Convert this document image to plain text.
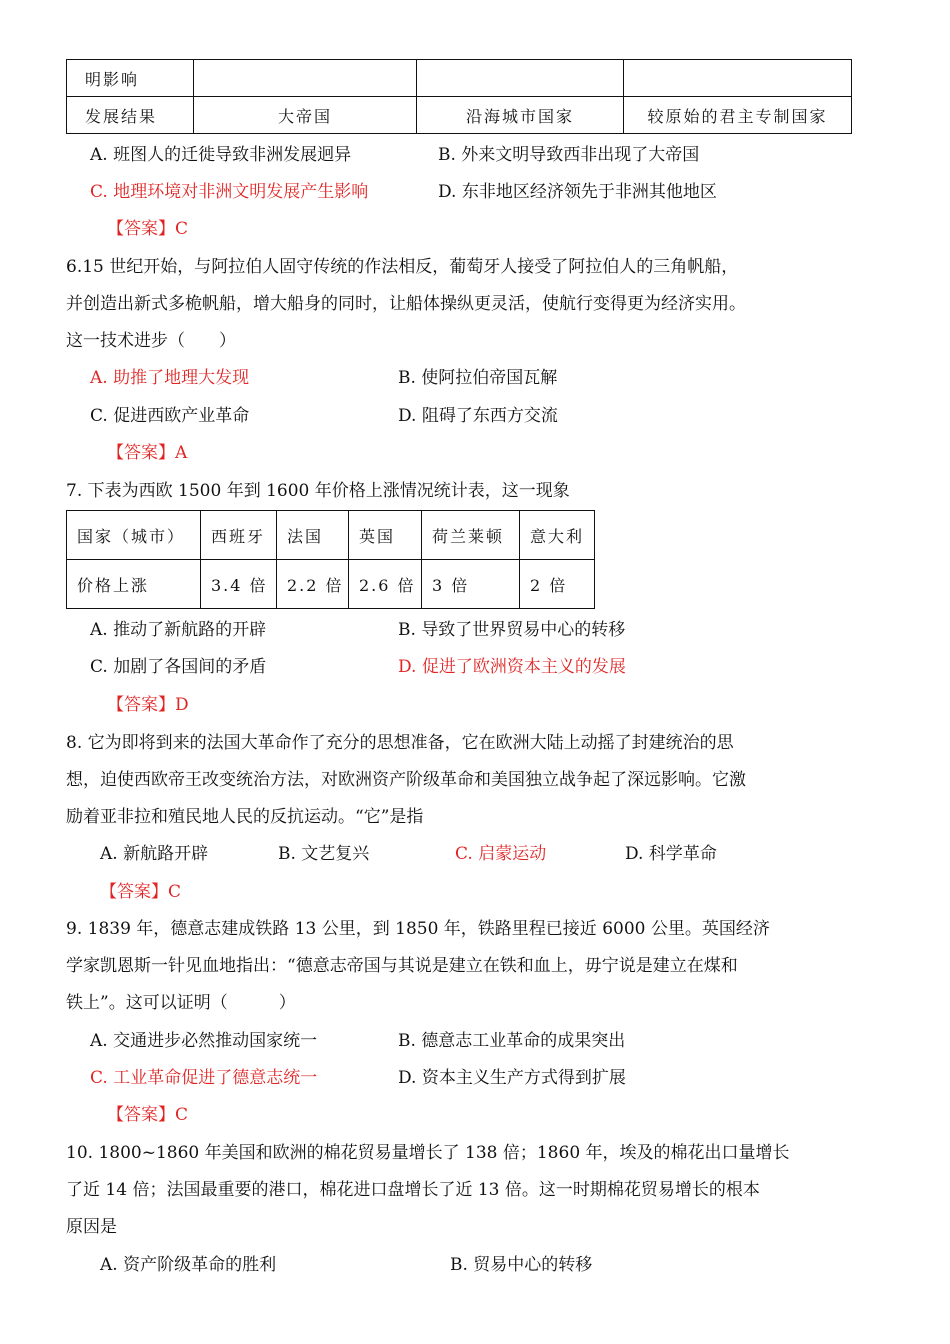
明影响			
发展结果	大帝国	沿海城市国家	较原始的君主专制国家
A. 班图人的迁徙导致非洲发展迥异	B. 外来文明导致西非出现了大帝国
C. 地理环境对非洲文明发展产生影响	D. 东非地区经济领先于非洲其他地区
【答案】C
6.15 世纪开始，与阿拉伯人固守传统的作法相反，葡萄牙人接受了阿拉伯人的三角帆船，
并创造出新式多桅帆船，增大船身的同时，让船体操纵更灵活，使航行变得更为经济实用。
这一技术进步（　　）
A. 助推了地理大发现	B. 使阿拉伯帝国瓦解
C. 促进西欧产业革命	D. 阻碍了东西方交流
【答案】A
7. 下表为西欧 1500 年到 1600 年价格上涨情况统计表，这一现象
国家（城市）	西班牙	法国	英国	荷兰莱顿	意大利
价格上涨	3.4 倍	2.2 倍	2.6 倍	3 倍	2 倍
A. 推动了新航路的开辟	B. 导致了世界贸易中心的转移
C. 加剧了各国间的矛盾	D. 促进了欧洲资本主义的发展
【答案】D
8. 它为即将到来的法国大革命作了充分的思想准备，它在欧洲大陆上动摇了封建统治的思
想，迫使西欧帝王改变统治方法，对欧洲资产阶级革命和美国独立战争起了深远影响。它激
励着亚非拉和殖民地人民的反抗运动。“它”是指
A. 新航路开辟	B. 文艺复兴	C. 启蒙运动	D. 科学革命
【答案】C
9. 1839 年，德意志建成铁路 13 公里，到 1850 年，铁路里程已接近 6000 公里。英国经济
学家凯恩斯一针见血地指出：“德意志帝国与其说是建立在铁和血上，毋宁说是建立在煤和
铁上”。这可以证明（　　　）
A. 交通进步必然推动国家统一	B. 德意志工业革命的成果突出
C. 工业革命促进了德意志统一	D. 资本主义生产方式得到扩展
【答案】C
10. 1800~1860 年美国和欧洲的棉花贸易量增长了 138 倍；1860 年，埃及的棉花出口量增长
了近 14 倍；法国最重要的港口，棉花进口盘增长了近 13 倍。这一时期棉花贸易增长的根本
原因是
A. 资产阶级革命的胜利	B. 贸易中心的转移
